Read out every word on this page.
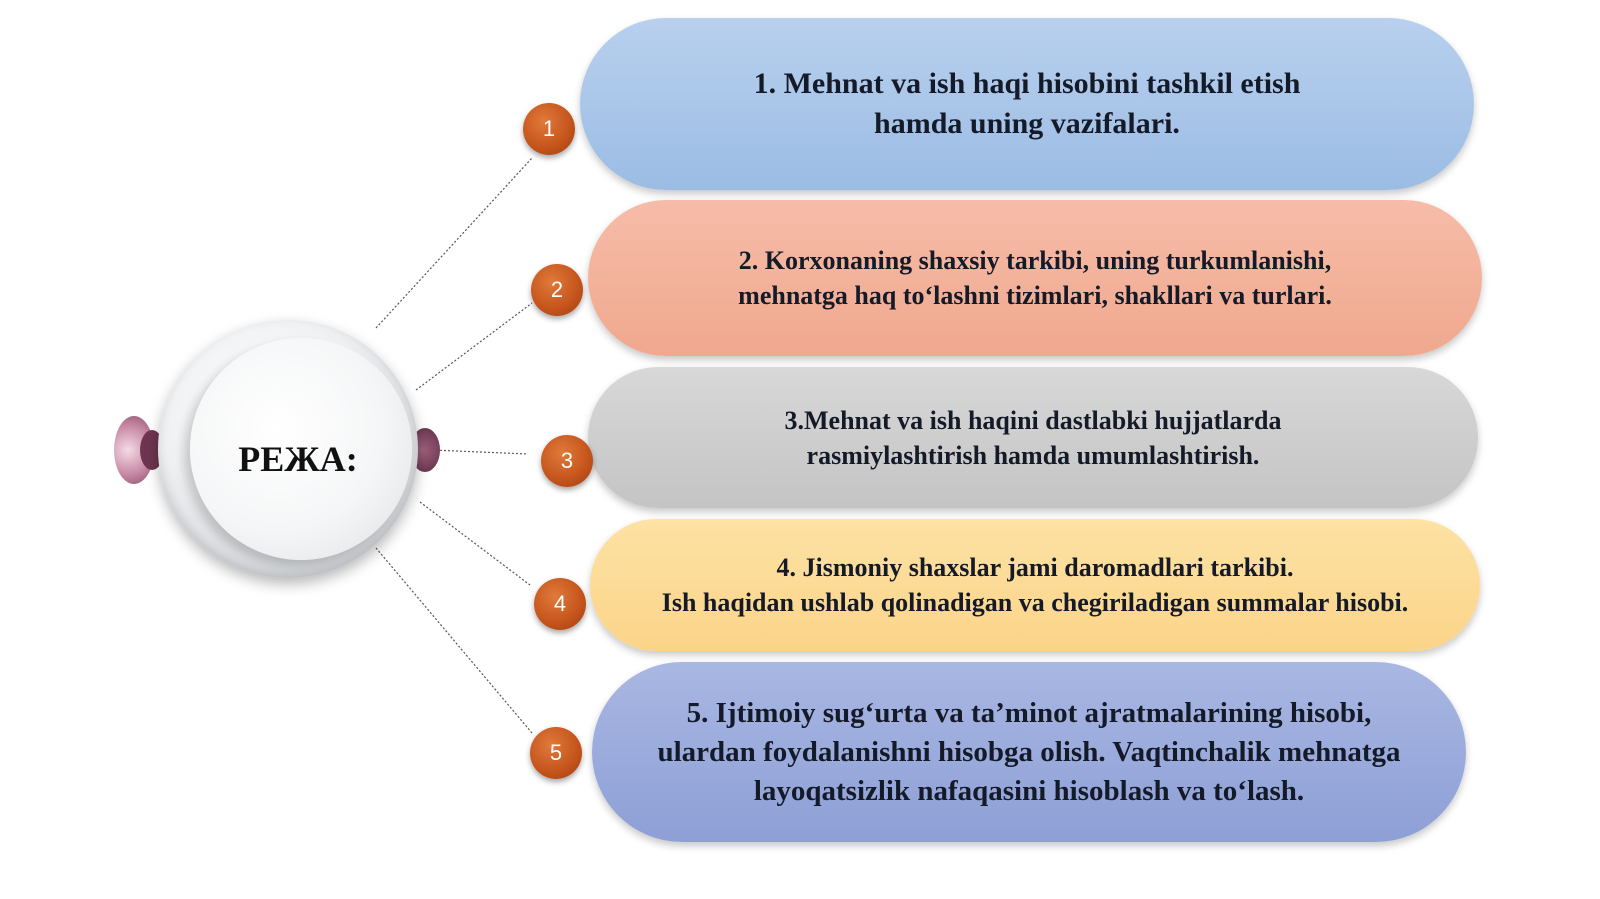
РЕЖА:
1. Mehnat va ish haqi hisobini tashkil etish
hamda uning vazifalari.
2. Korxonaning shaxsiy tarkibi, uning turkumlanishi,
mehnatga haq to‘lashni tizimlari, shakllari va turlari.
3.Mehnat va ish haqini dastlabki hujjatlarda
rasmiylashtirish hamda umumlashtirish.
4. Jismoniy shaxslar jami daromadlari tarkibi.
Ish haqidan ushlab qolinadigan va chegiriladigan summalar hisobi.
5. Ijtimoiy sug‘urta va ta’minot ajratmalarining hisobi,
ulardan foydalanishni hisobga olish. Vaqtinchalik mehnatga
layoqatsizlik nafaqasini hisoblash va to‘lash.
1
2
3
4
5
